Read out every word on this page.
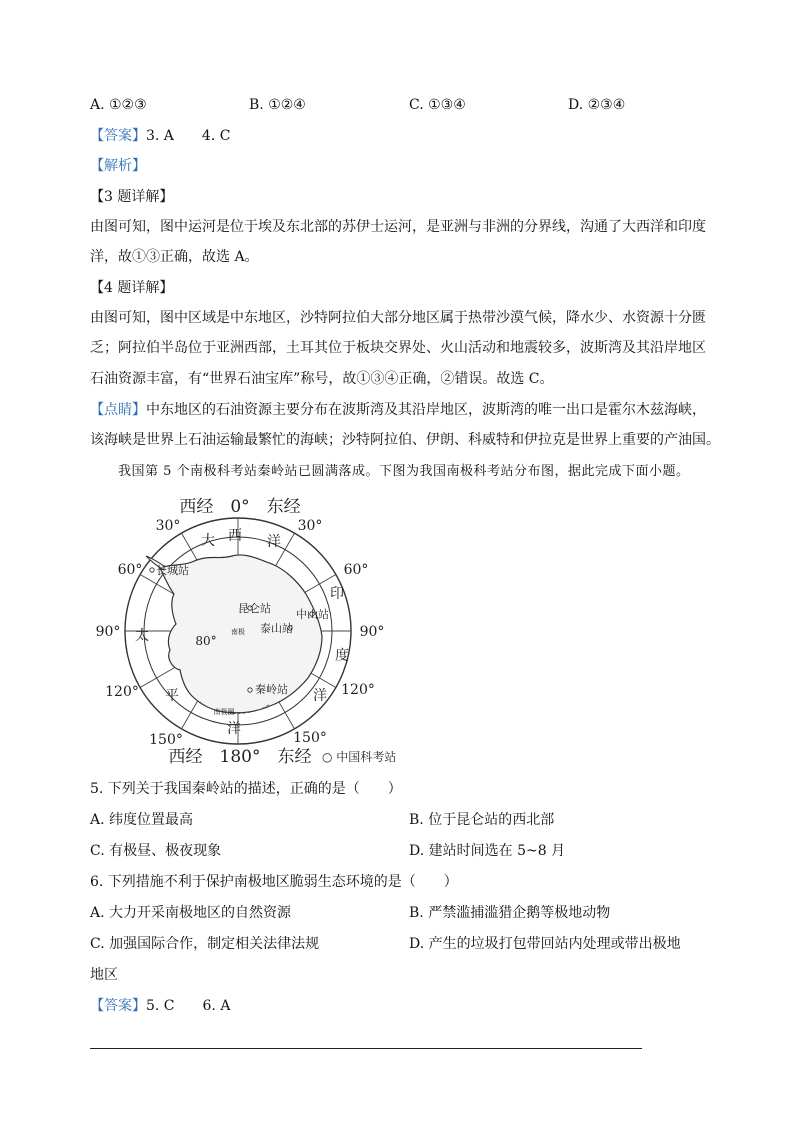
A. ①②③	B. ①②④	C. ①③④	D. ②③④
【答案】3. A　　4. C
【解析】
【3 题详解】
由图可知，图中运河是位于埃及东北部的苏伊士运河，是亚洲与非洲的分界线，沟通了大西洋和印度
洋，故①③正确，故选 A。
【4 题详解】
由图可知，图中区域是中东地区，沙特阿拉伯大部分地区属于热带沙漠气候，降水少、水资源十分匮
乏；阿拉伯半岛位于亚洲西部，土耳其位于板块交界处、火山活动和地震较多，波斯湾及其沿岸地区
石油资源丰富，有“世界石油宝库”称号，故①③④正确，②错误。故选 C。
【点睛】中东地区的石油资源主要分布在波斯湾及其沿岸地区，波斯湾的唯一出口是霍尔木兹海峡，
该海峡是世界上石油运输最繁忙的海峡；沙特阿拉伯、伊朗、科威特和伊拉克是世界上重要的产油国。
我国第 5 个南极科考站秦岭站已圆满落成。下图为我国南极科考站分布图，据此完成下面小题。
西经　0°　东经
西经　180°　东经
30°	30°
60°	60°
90°	90°
120°	120°
150°	150°
80°
大 西 洋
印
度
洋
太
平
洋
长城站
昆仑站 中山站
泰山站
秦岭站
南极
南极圈
○ 中国科考站
5. 下列关于我国秦岭站的描述，正确的是（　　）
A. 纬度位置最高	B. 位于昆仑站的西北部
C. 有极昼、极夜现象	D. 建站时间选在 5~8 月
6. 下列措施不利于保护南极地区脆弱生态环境的是（　　）
A. 大力开采南极地区的自然资源	B. 严禁滥捕滥猎企鹅等极地动物
C. 加强国际合作，制定相关法律法规	D. 产生的垃圾打包带回站内处理或带出极地
地区
【答案】5. C　　6. A
